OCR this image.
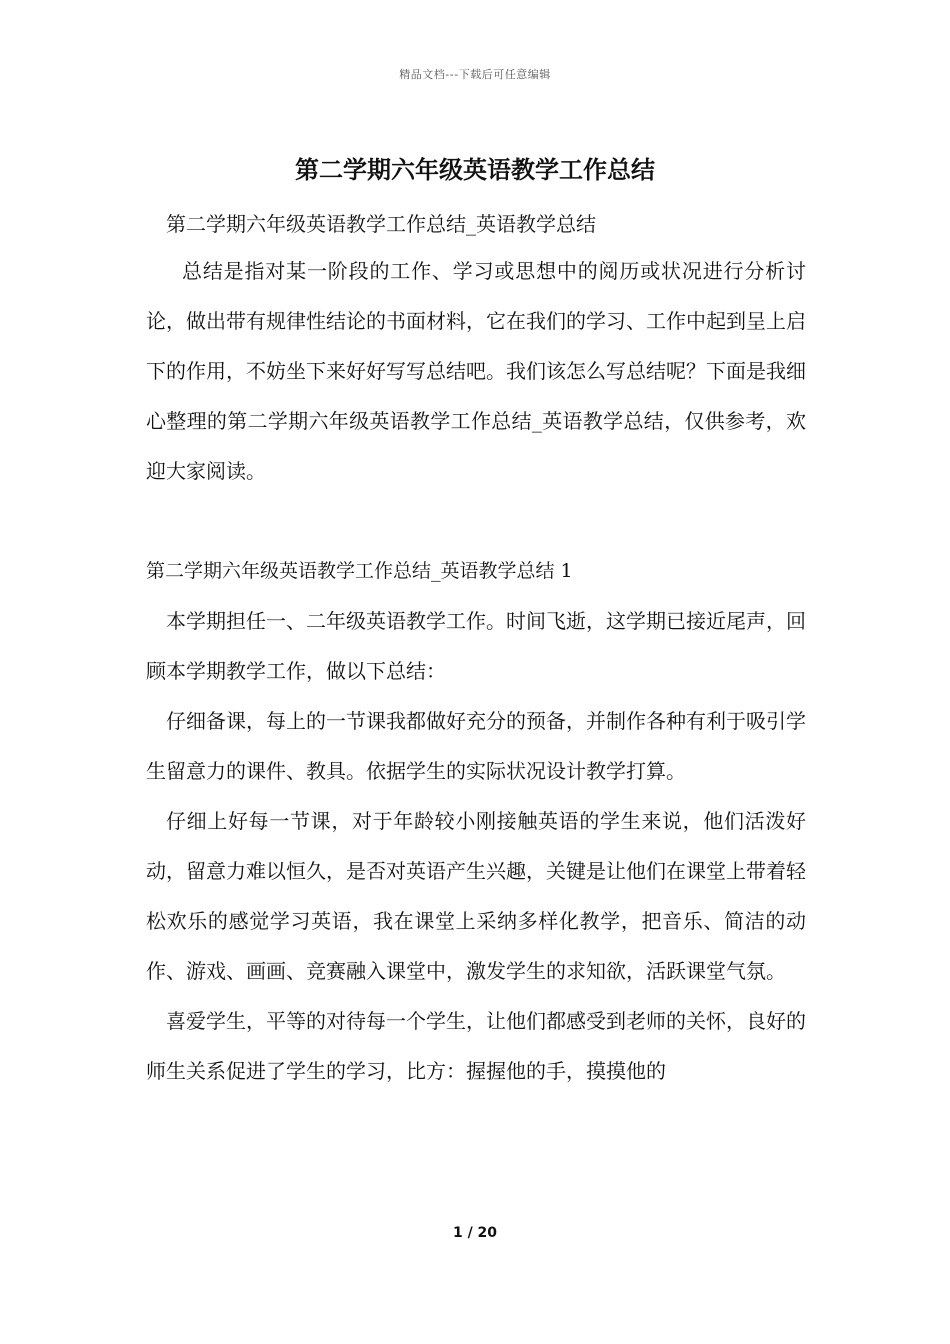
精品文档---下载后可任意编辑
第二学期六年级英语教学工作总结

第二学期六年级英语教学工作总结_英语教学总结

总结是指对某一阶段的工作、学习或思想中的阅历或状况进行分析讨论，做出带有规律性结论的书面材料，它在我们的学习、工作中起到呈上启下的作用，不妨坐下来好好写写总结吧。我们该怎么写总结呢？下面是我细心整理的第二学期六年级英语教学工作总结_英语教学总结，仅供参考，欢迎大家阅读。

第二学期六年级英语教学工作总结_英语教学总结 1

本学期担任一、二年级英语教学工作。时间飞逝，这学期已接近尾声，回顾本学期教学工作，做以下总结：

仔细备课，每上的一节课我都做好充分的预备，并制作各种有利于吸引学生留意力的课件、教具。依据学生的实际状况设计教学打算。

仔细上好每一节课，对于年龄较小刚接触英语的学生来说，他们活泼好动，留意力难以恒久，是否对英语产生兴趣，关键是让他们在课堂上带着轻松欢乐的感觉学习英语，我在课堂上采纳多样化教学，把音乐、简洁的动作、游戏、画画、竞赛融入课堂中，激发学生的求知欲，活跃课堂气氛。

喜爱学生，平等的对待每一个学生，让他们都感受到老师的关怀，良好的师生关系促进了学生的学习，比方：握握他的手，摸摸他的

1 / 20
